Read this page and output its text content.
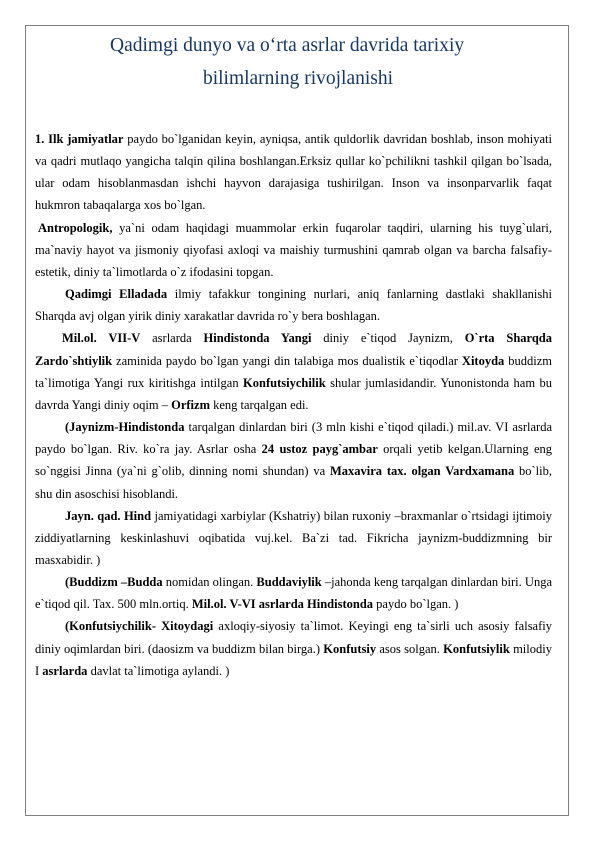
Qadimgi dunyo va o‘rta asrlar davrida tarixiy
bilimlarning rivojlanishi

1. Ilk jamiyatlar paydo bo`lganidan keyin, ayniqsa, antik quldorlik davridan boshlab, inson mohiyati va qadri mutlaqo yangicha talqin qilina boshlangan.Erksiz qullar ko`pchilikni tashkil qilgan bo`lsada, ular odam hisoblanmasdan ishchi hayvon darajasiga tushirilgan. Inson va insonparvarlik faqat hukmron tabaqalarga xos bo`lgan.

Antropologik, ya`ni odam haqidagi muammolar erkin fuqarolar taqdiri, ularning his tuyg`ulari, ma`naviy hayot va jismoniy qiyofasi axloqi va maishiy turmushini qamrab olgan va barcha falsafiy-estetik, diniy ta`limotlarda o`z ifodasini topgan.

Qadimgi Elladada ilmiy tafakkur tongining nurlari, aniq fanlarning dastlaki shakllanishi Sharqda avj olgan yirik diniy xarakatlar davrida ro`y bera boshlagan.

Mil.ol. VII-V asrlarda Hindistonda Yangi diniy e`tiqod Jaynizm, O`rta Sharqda Zardo`shtiylik zaminida paydo bo`lgan yangi din talabiga mos dualistik e`tiqodlar Xitoyda buddizm ta`limotiga Yangi rux kiritishga intilgan Konfutsiychilik shular jumlasidandir. Yunonistonda ham bu davrda Yangi diniy oqim – Orfizm keng tarqalgan edi.

(Jaynizm-Hindistonda tarqalgan dinlardan biri (3 mln kishi e`tiqod qiladi.) mil.av. VI asrlarda paydo bo`lgan. Riv. ko`ra jay. Asrlar osha 24 ustoz payg`ambar orqali yetib kelgan.Ularning eng so`nggisi Jinna (ya`ni g`olib, dinning nomi shundan) va Maxavira tax. olgan Vardxamana bo`lib, shu din asoschisi hisoblandi.

Jayn. qad. Hind jamiyatidagi xarbiylar (Kshatriy) bilan ruxoniy –braxmanlar o`rtsidagi ijtimoiy ziddiyatlarning keskinlashuvi oqibatida vuj.kel. Ba`zi tad. Fikricha jaynizm-buddizmning bir masxabidir. )

(Buddizm –Budda nomidan olingan. Buddaviylik –jahonda keng tarqalgan dinlardan biri. Unga e`tiqod qil. Tax. 500 mln.ortiq. Mil.ol. V-VI asrlarda Hindistonda paydo bo`lgan. )

(Konfutsiychilik- Xitoydagi axloqiy-siyosiy ta`limot. Keyingi eng ta`sirli uch asosiy falsafiy diniy oqimlardan biri. (daosizm va buddizm bilan birga.) Konfutsiy asos solgan. Konfutsiylik milodiy I asrlarda davlat ta`limotiga aylandi. )
